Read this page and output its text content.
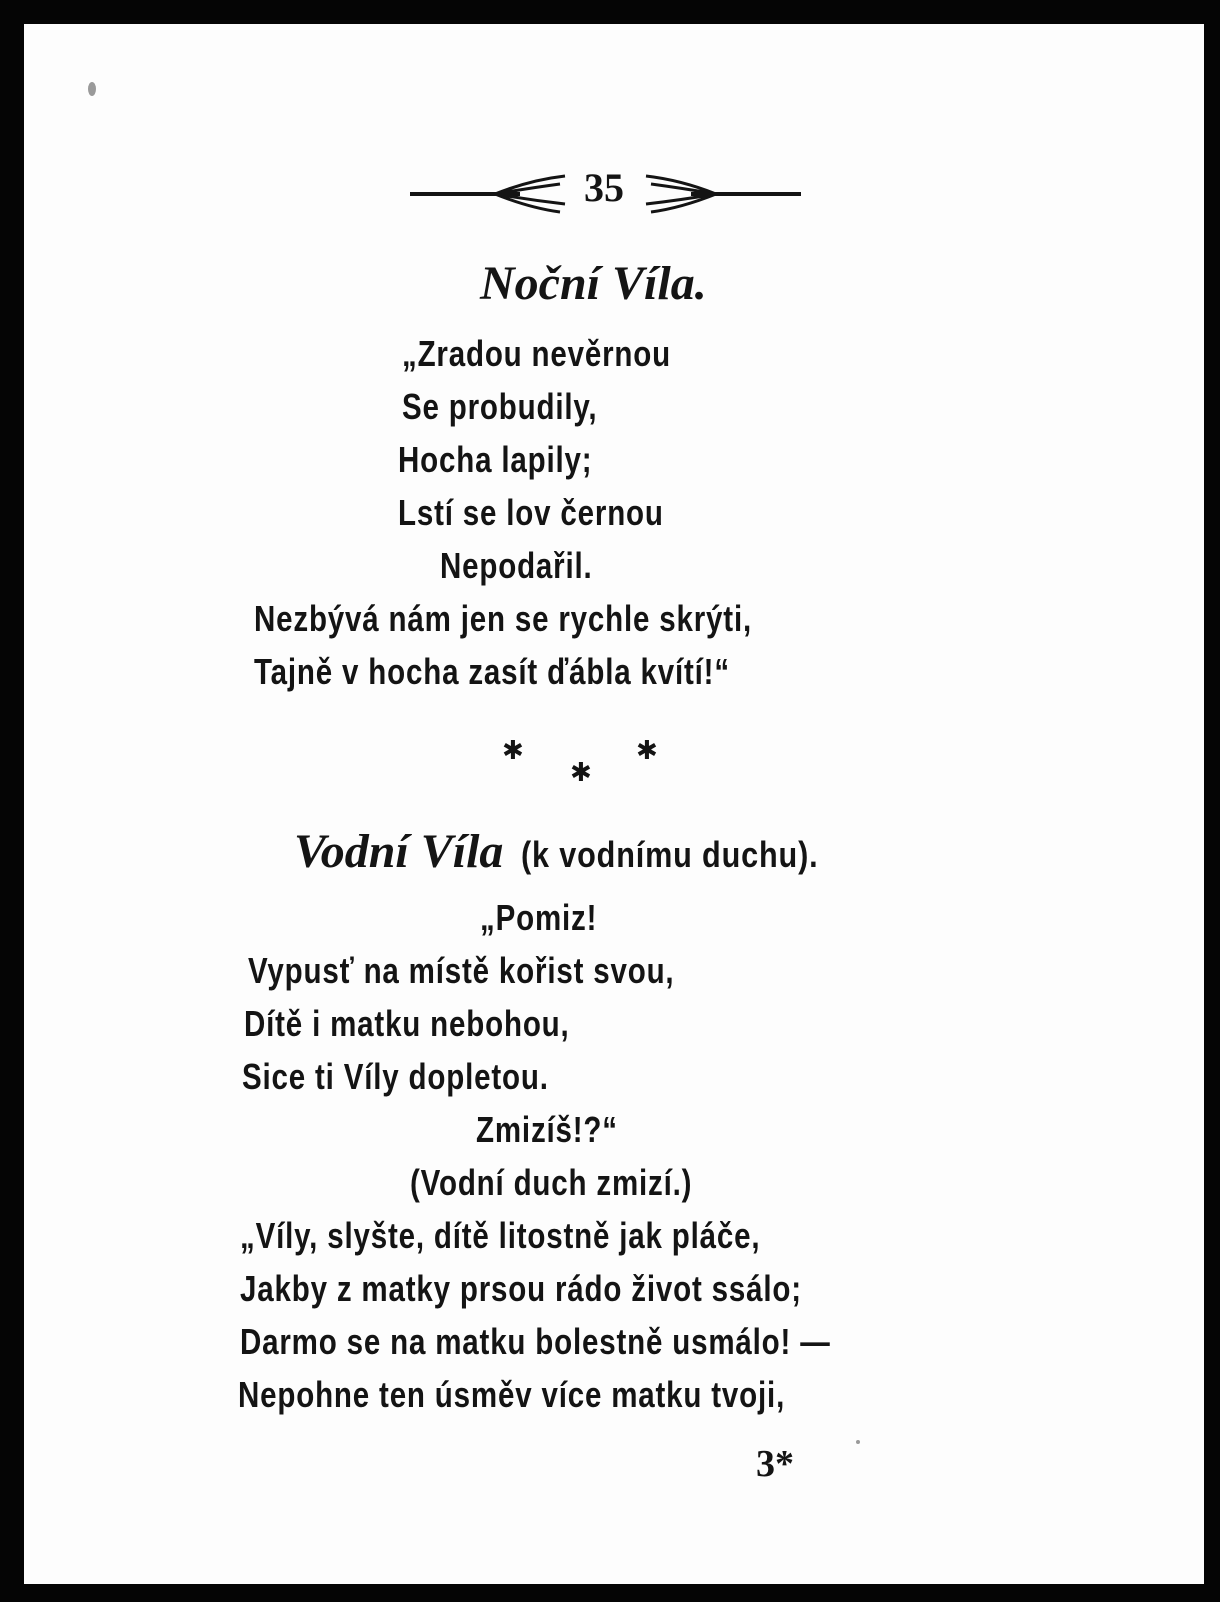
35
Noční Víla.
„Zradou nevěrnou
Se probudily,
Hocha lapily;
Lstí se lov černou
Nepodařil.
Nezbývá nám jen se rychle skrýti,
Tajně v hocha zasít ďábla kvítí!“
✱
✱
✱
Vodní Víla (k vodnímu duchu).
„Pomiz!
Vypusť na místě kořist svou,
Dítě i matku nebohou,
Sice ti Víly dopletou.
Zmizíš!?“
(Vodní duch zmizí.)
„Víly, slyšte, dítě litostně jak pláče,
Jakby z matky prsou rádo život ssálo;
Darmo se na matku bolestně usmálo! —
Nepohne ten úsměv více matku tvoji,
3*
